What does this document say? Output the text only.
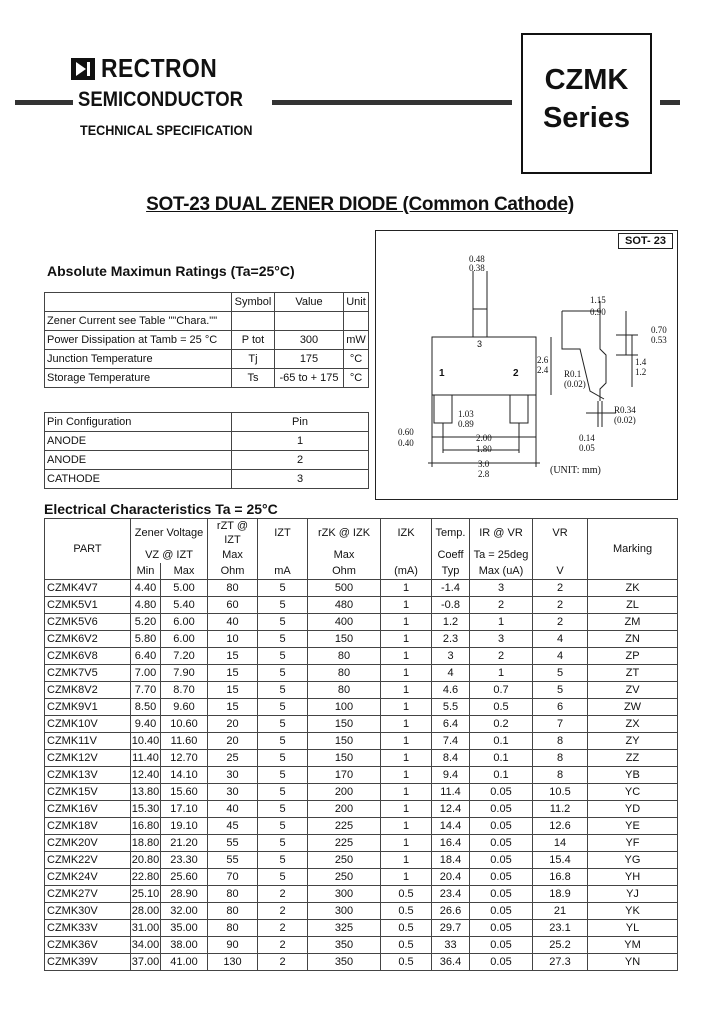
RECTRON
SEMICONDUCTOR
TECHNICAL SPECIFICATION
CZMK
Series
SOT-23 DUAL ZENER DIODE (Common Cathode)
Absolute Maximun Ratings (Ta=25°C)
	Symbol	Value	Unit
Zener Current see Table ""Chara.""			
Power Dissipation at Tamb = 25 °C	P tot	300	mW
Junction Temperature	Tj	175	°C
Storage Temperature	Ts	-65 to + 175	°C
Pin Configuration	Pin
ANODE	1
ANODE	2
CATHODE	3
SOT- 23
0.48
0.38
1.15
0.90
0.70
0.53
2.6
2.4
1.4
1.2
R0.1
(0.02)
0.60
0.40
1.03
0.89
2.00
1.80
3.0
2.8
R0.34
(0.02)
0.14
0.05
1	2
3
(UNIT: mm)
Electrical Characteristics Ta = 25°C
PART	Zener Voltage		rZT @ IZT	IZT	rZK @ IZK	IZK	Temp.	IR @ VR	VR	Marking
	VZ @ IZT		Max		Max		Coeff	Ta = 25deg		
	Min	Max	Ohm	mA	Ohm	(mA)	Typ	Max (uA)	V	
CZMK4V7	4.40	5.00	80	5	500	1	-1.4	3	2	ZK
CZMK5V1	4.80	5.40	60	5	480	1	-0.8	2	2	ZL
CZMK5V6	5.20	6.00	40	5	400	1	1.2	1	2	ZM
CZMK6V2	5.80	6.00	10	5	150	1	2.3	3	4	ZN
CZMK6V8	6.40	7.20	15	5	80	1	3	2	4	ZP
CZMK7V5	7.00	7.90	15	5	80	1	4	1	5	ZT
CZMK8V2	7.70	8.70	15	5	80	1	4.6	0.7	5	ZV
CZMK9V1	8.50	9.60	15	5	100	1	5.5	0.5	6	ZW
CZMK10V	9.40	10.60	20	5	150	1	6.4	0.2	7	ZX
CZMK11V	10.40	11.60	20	5	150	1	7.4	0.1	8	ZY
CZMK12V	11.40	12.70	25	5	150	1	8.4	0.1	8	ZZ
CZMK13V	12.40	14.10	30	5	170	1	9.4	0.1	8	YB
CZMK15V	13.80	15.60	30	5	200	1	11.4	0.05	10.5	YC
CZMK16V	15.30	17.10	40	5	200	1	12.4	0.05	11.2	YD
CZMK18V	16.80	19.10	45	5	225	1	14.4	0.05	12.6	YE
CZMK20V	18.80	21.20	55	5	225	1	16.4	0.05	14	YF
CZMK22V	20.80	23.30	55	5	250	1	18.4	0.05	15.4	YG
CZMK24V	22.80	25.60	70	5	250	1	20.4	0.05	16.8	YH
CZMK27V	25.10	28.90	80	2	300	0.5	23.4	0.05	18.9	YJ
CZMK30V	28.00	32.00	80	2	300	0.5	26.6	0.05	21	YK
CZMK33V	31.00	35.00	80	2	325	0.5	29.7	0.05	23.1	YL
CZMK36V	34.00	38.00	90	2	350	0.5	33	0.05	25.2	YM
CZMK39V	37.00	41.00	130	2	350	0.5	36.4	0.05	27.3	YN
